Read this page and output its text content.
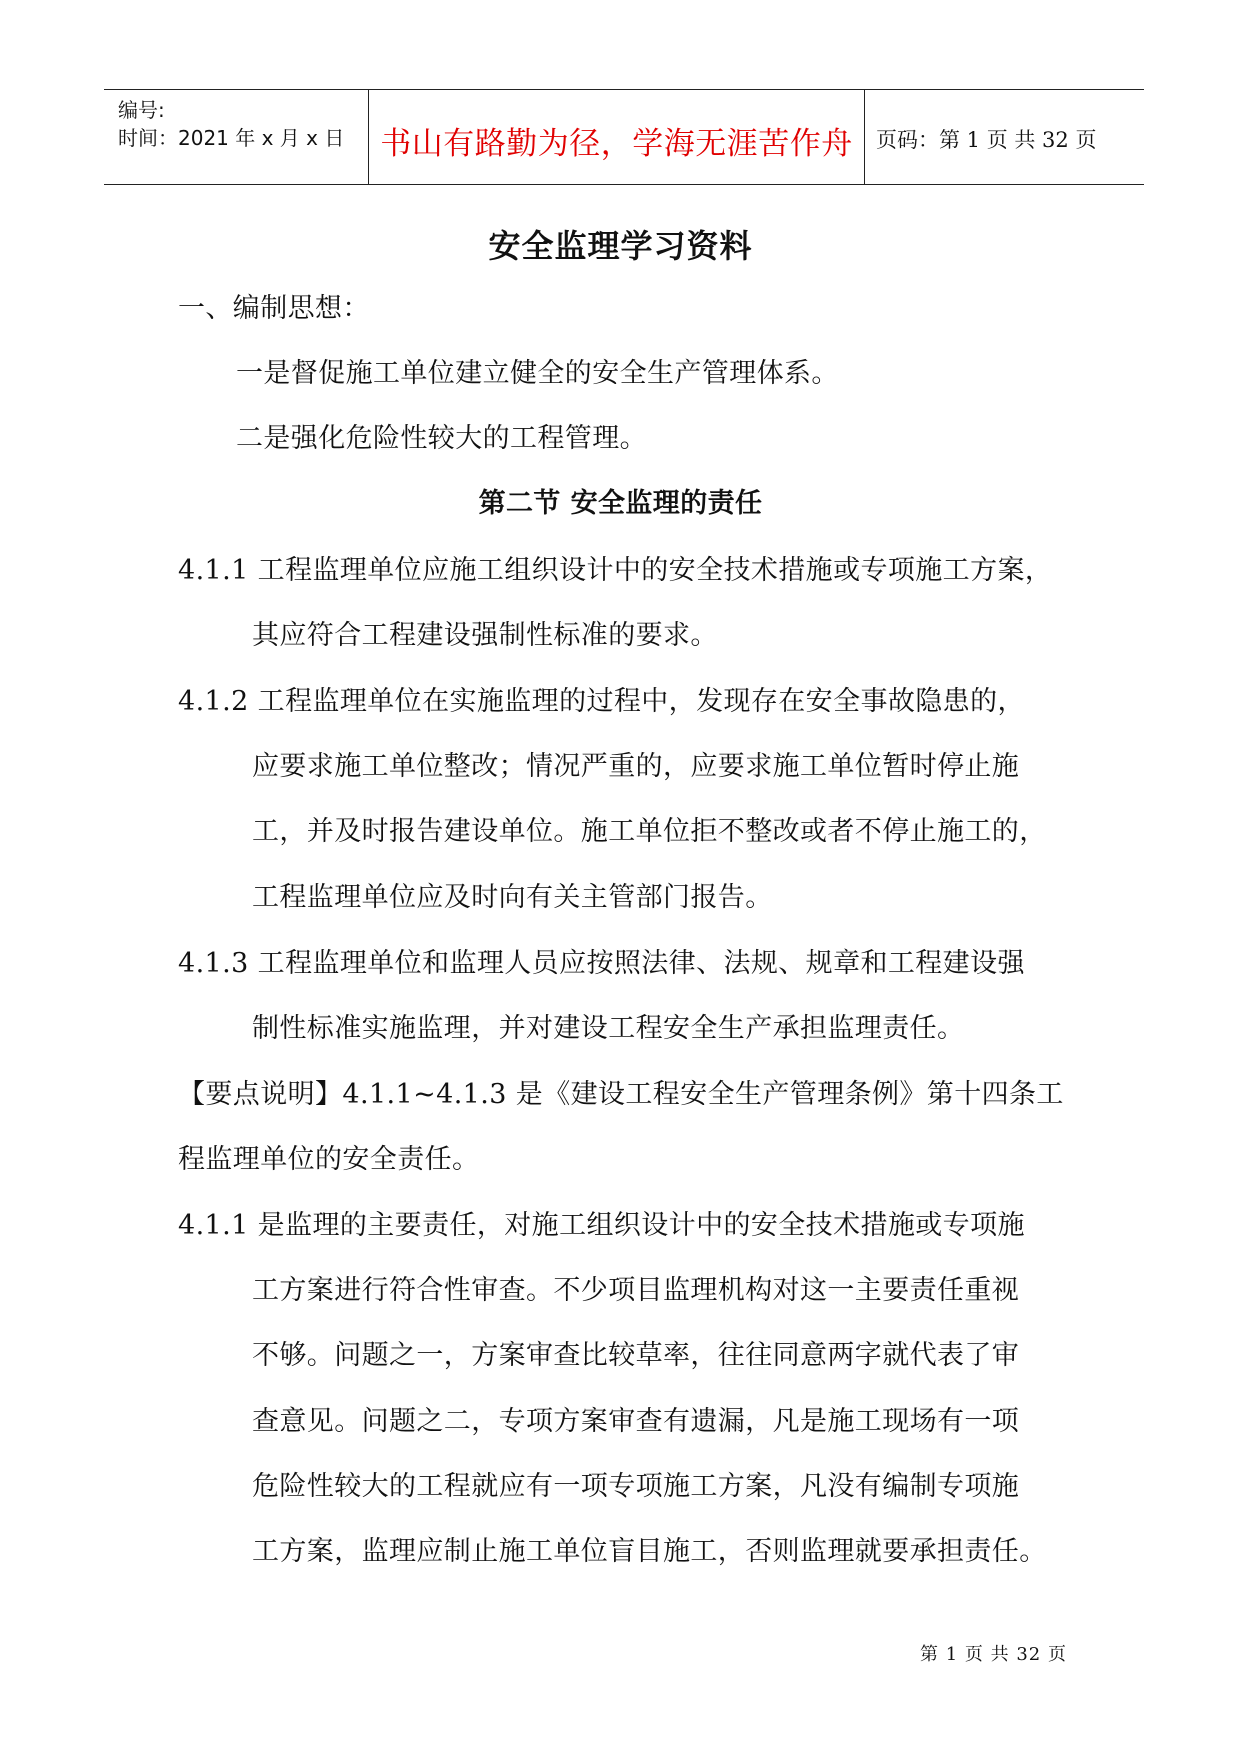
编号:
时间：2021 年 x 月 x 日	书山有路勤为径，学海无涯苦作舟	页码：第 1 页 共 32 页
安全监理学习资料
一、编制思想：
一是督促施工单位建立健全的安全生产管理体系。
二是强化危险性较大的工程管理。
第二节 安全监理的责任
4.1.1 工程监理单位应施工组织设计中的安全技术措施或专项施工方案，
其应符合工程建设强制性标准的要求。
4.1.2 工程监理单位在实施监理的过程中，发现存在安全事故隐患的，
应要求施工单位整改；情况严重的，应要求施工单位暂时停止施
工，并及时报告建设单位。施工单位拒不整改或者不停止施工的，
工程监理单位应及时向有关主管部门报告。
4.1.3 工程监理单位和监理人员应按照法律、法规、规章和工程建设强
制性标准实施监理，并对建设工程安全生产承担监理责任。
【要点说明】4.1.1~4.1.3 是《建设工程安全生产管理条例》第十四条工
程监理单位的安全责任。
4.1.1 是监理的主要责任，对施工组织设计中的安全技术措施或专项施
工方案进行符合性审查。不少项目监理机构对这一主要责任重视
不够。问题之一，方案审查比较草率，往往同意两字就代表了审
查意见。问题之二，专项方案审查有遗漏，凡是施工现场有一项
危险性较大的工程就应有一项专项施工方案，凡没有编制专项施
工方案，监理应制止施工单位盲目施工，否则监理就要承担责任。
第 1 页 共 32 页
